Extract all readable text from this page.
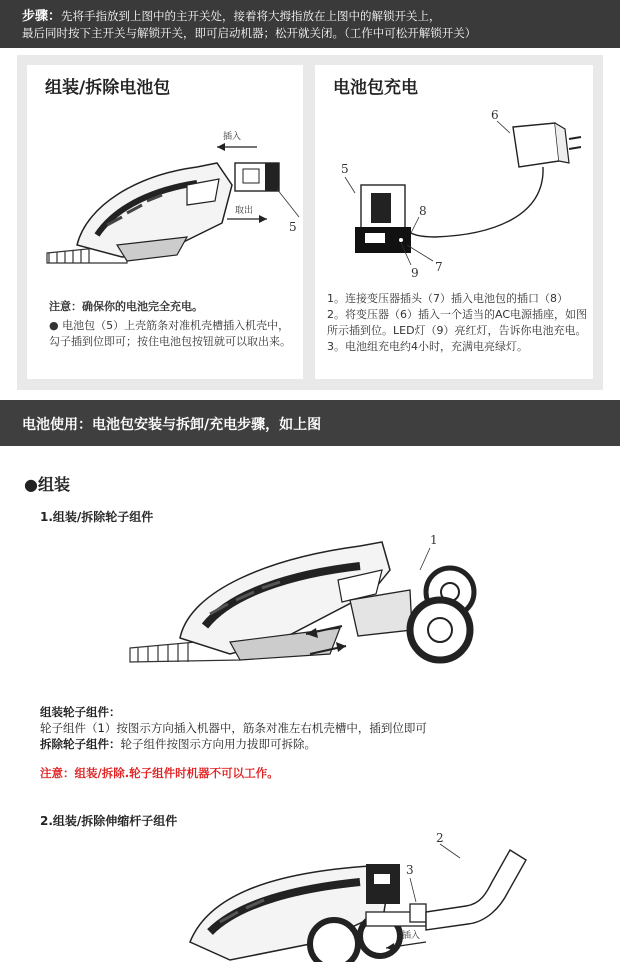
步骤：先将手指放到上图中的主开关处，接着将大拇指放在上图中的解锁开关上，
最后同时按下主开关与解锁开关，即可启动机器；松开就关闭。（工作中可松开解锁开关）
组装/拆除电池包
5
插入
取出
注意：确保你的电池完全充电。
● 电池包（5）上壳筋条对准机壳槽插入机壳中，勾子插到位即可；按住电池包按钮就可以取出来。
电池包充电
5
6
8
7
9
1。连接变压器插头（7）插入电池包的插口（8）
2。将变压器（6）插入一个适当的AC电源插座，如图所示插到位。LED灯（9）亮红灯，告诉你电池充电。
3。电池组充电约4小时，充满电亮绿灯。
电池使用：电池包安装与拆卸/充电步骤，如上图
●组装
1.组装/拆除轮子组件
1
组装轮子组件：
轮子组件（1）按图示方向插入机器中，筋条对准左右机壳槽中，插到位即可
拆除轮子组件：轮子组件按图示方向用力拔即可拆除。
注意：组装/拆除.轮子组件时机器不可以工作。
2.组装/拆除伸缩杆子组件
插入
3
2
